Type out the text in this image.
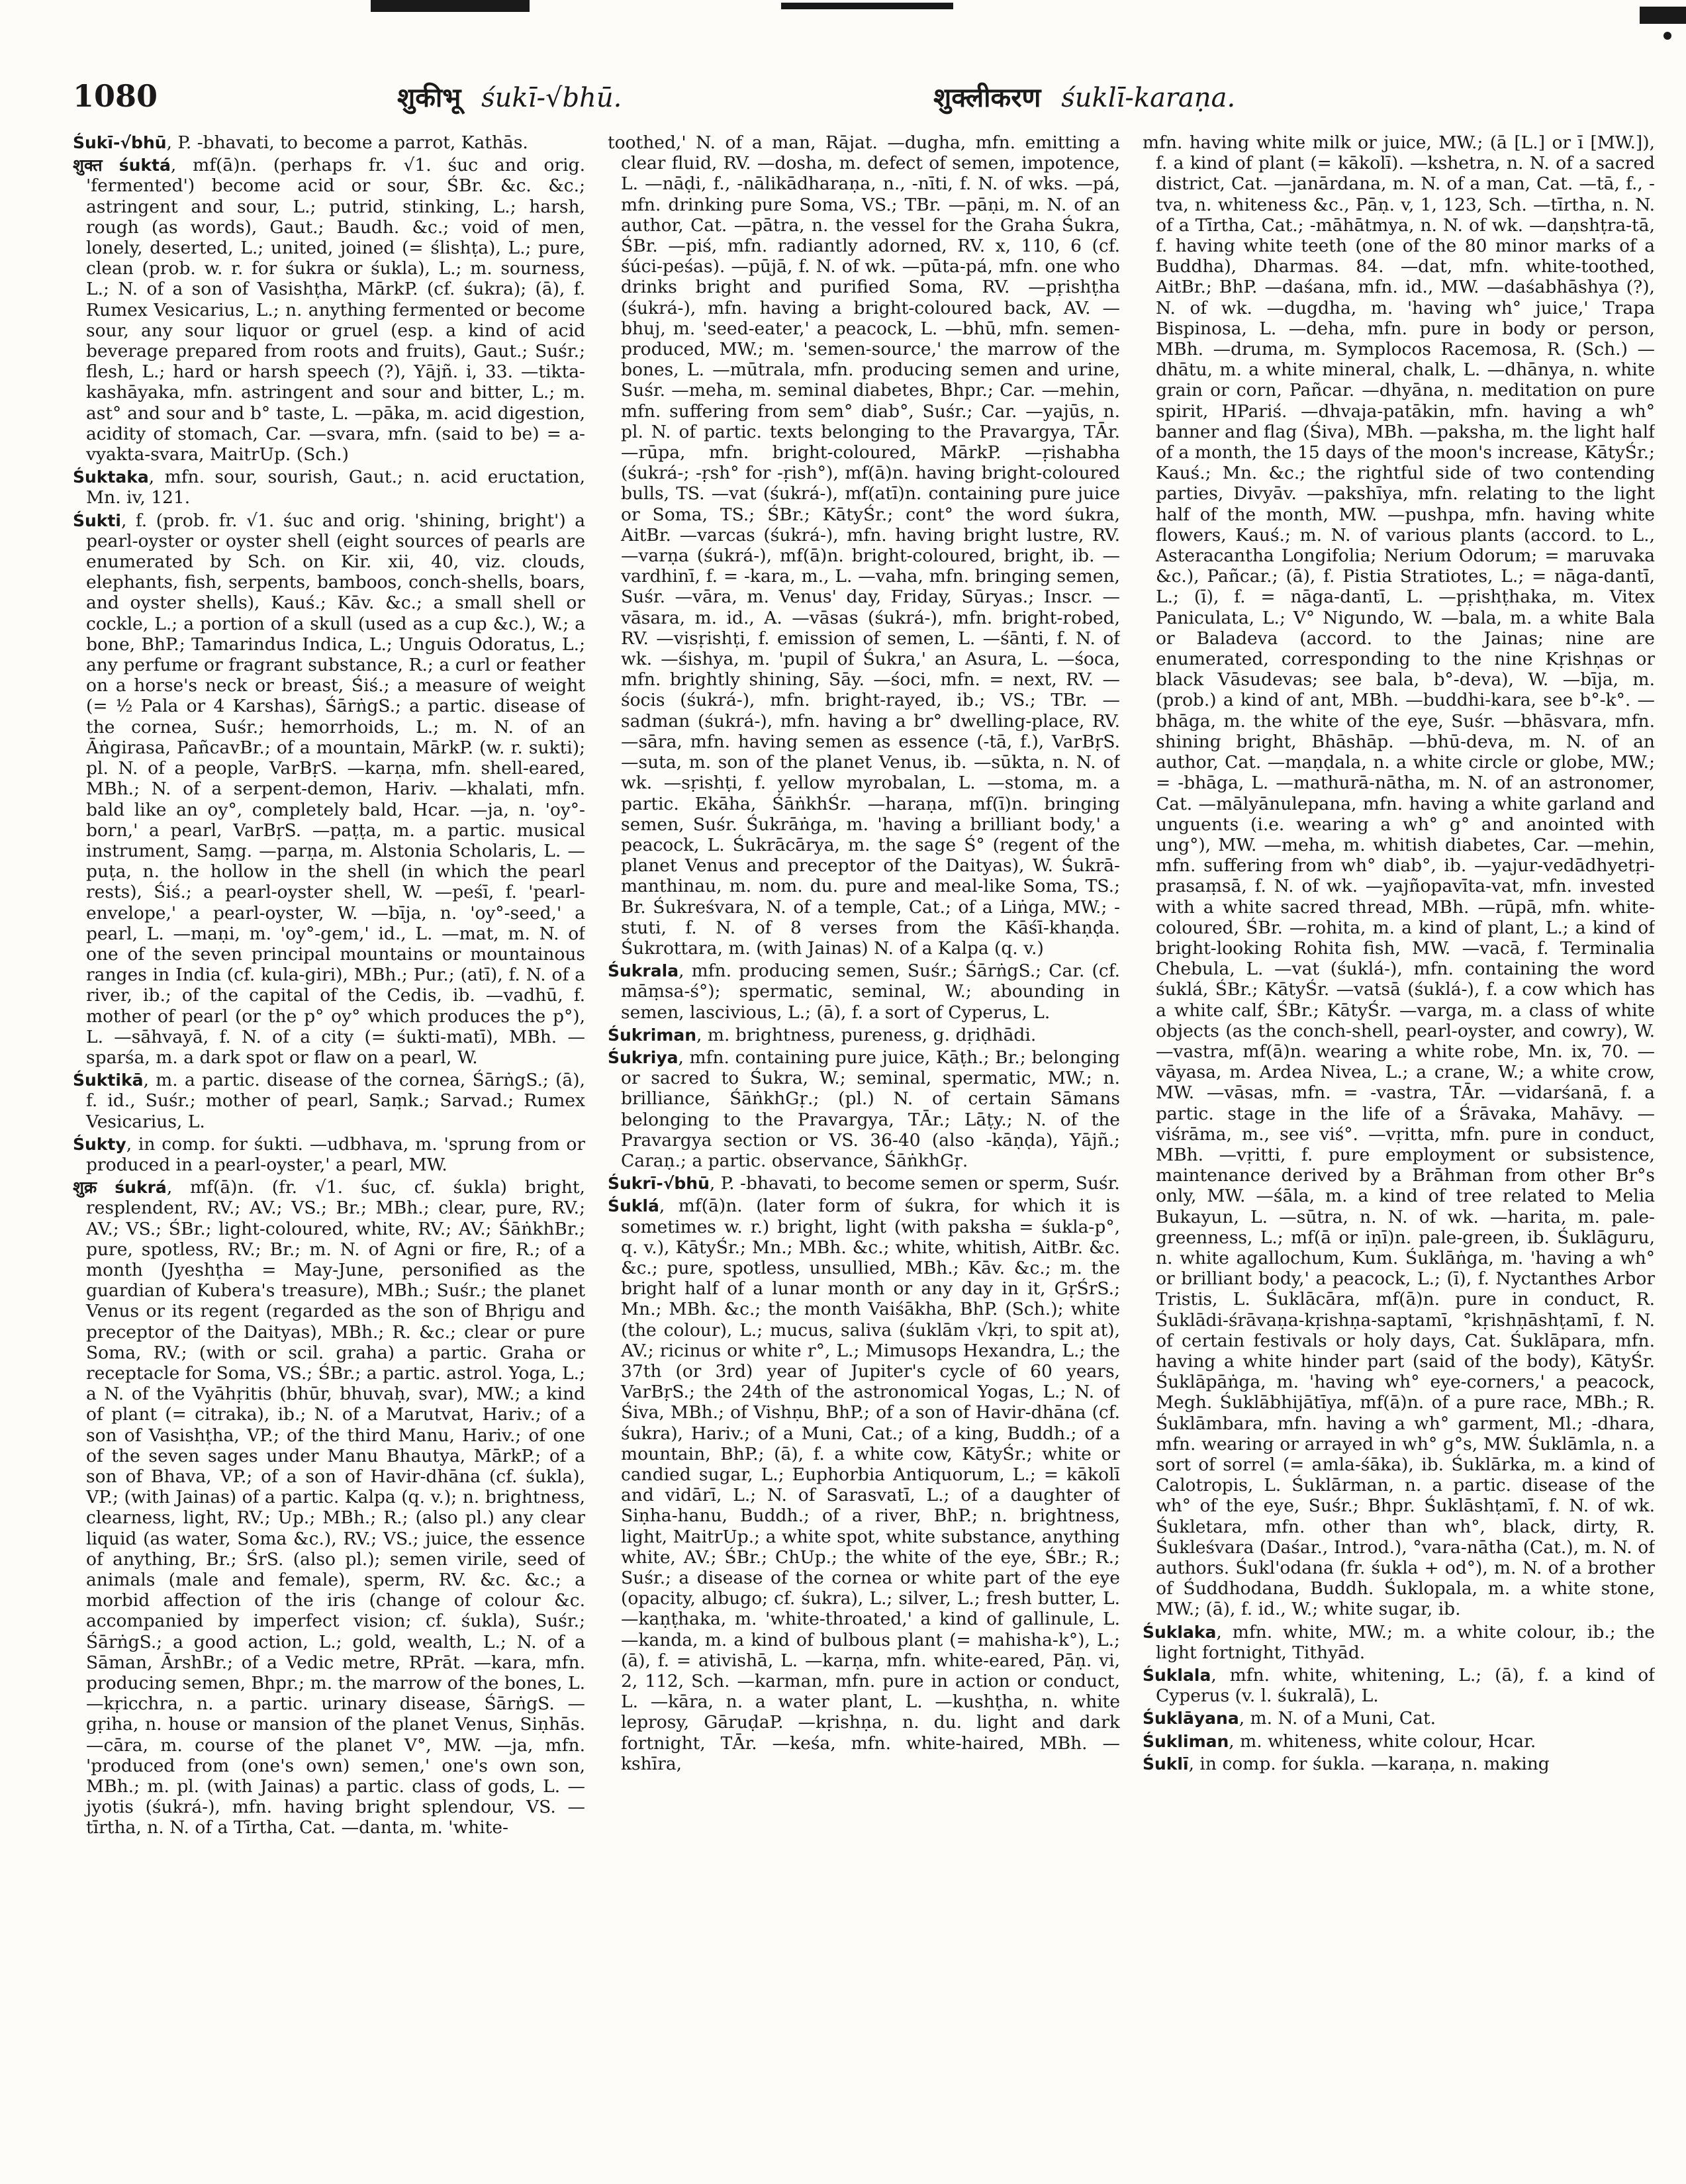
1080	शुकीभू śukī-√bhū.	शुक्लीकरण śuklī-karaṇa.

Śukī-√bhū, P. -bhavati, to become a parrot, Kathās.

शुक्त śuktá, mf(ā)n. (perhaps fr. √1. śuc and orig. 'fermented') become acid or sour, ŚBr. &c. &c.; astringent and sour, L.; putrid, stinking, L.; harsh, rough (as words), Gaut.; Baudh. &c.; void of men, lonely, deserted, L.; united, joined (= ślishṭa), L.; pure, clean (prob. w. r. for śukra or śukla), L.; m. sourness, L.; N. of a son of Vasishṭha, MārkP. (cf. śukra); (ā), f. Rumex Vesicarius, L.; n. anything fermented or become sour, any sour liquor or gruel (esp. a kind of acid beverage prepared from roots and fruits), Gaut.; Suśr.; flesh, L.; hard or harsh speech (?), Yājñ. i, 33. —tikta-kashāyaka, mfn. astringent and sour and bitter, L.; m. ast° and sour and b° taste, L. —pāka, m. acid digestion, acidity of stomach, Car. —svara, mfn. (said to be) = a-vyakta-svara, MaitrUp. (Sch.)

Śuktaka, mfn. sour, sourish, Gaut.; n. acid eructation, Mn. iv, 121.

Śukti, f. (prob. fr. √1. śuc and orig. 'shining, bright') a pearl-oyster or oyster shell (eight sources of pearls are enumerated by Sch. on Kir. xii, 40, viz. clouds, elephants, fish, serpents, bamboos, conch-shells, boars, and oyster shells), Kauś.; Kāv. &c.; a small shell or cockle, L.; a portion of a skull (used as a cup &c.), W.; a bone, BhP.; Tamarindus Indica, L.; Unguis Odoratus, L.; any perfume or fragrant substance, R.; a curl or feather on a horse's neck or breast, Śiś.; a measure of weight (= ½ Pala or 4 Karshas), ŚārṅgS.; a partic. disease of the cornea, Suśr.; hemorrhoids, L.; m. N. of an Āṅgirasa, PañcavBr.; of a mountain, MārkP. (w. r. sukti); pl. N. of a people, VarBṛS. —karṇa, mfn. shell-eared, MBh.; N. of a serpent-demon, Hariv. —khalati, mfn. bald like an oy°, completely bald, Hcar. —ja, n. 'oy°-born,' a pearl, VarBṛS. —paṭṭa, m. a partic. musical instrument, Saṃg. —parṇa, m. Alstonia Scholaris, L. —puṭa, n. the hollow in the shell (in which the pearl rests), Śiś.; a pearl-oyster shell, W. —peśī, f. 'pearl-envelope,' a pearl-oyster, W. —bīja, n. 'oy°-seed,' a pearl, L. —maṇi, m. 'oy°-gem,' id., L. —mat, m. N. of one of the seven principal mountains or mountainous ranges in India (cf. kula-giri), MBh.; Pur.; (atī), f. N. of a river, ib.; of the capital of the Cedis, ib. —vadhū, f. mother of pearl (or the p° oy° which produces the p°), L. —sāhvayā, f. N. of a city (= śukti-matī), MBh. —sparśa, m. a dark spot or flaw on a pearl, W.

Śuktikā, m. a partic. disease of the cornea, ŚārṅgS.; (ā), f. id., Suśr.; mother of pearl, Saṃk.; Sarvad.; Rumex Vesicarius, L.

Śukty, in comp. for śukti. —udbhava, m. 'sprung from or produced in a pearl-oyster,' a pearl, MW.

शुक्र śukrá, mf(ā)n. (fr. √1. śuc, cf. śukla) bright, resplendent, RV.; AV.; VS.; Br.; MBh.; clear, pure, RV.; AV.; VS.; ŚBr.; light-coloured, white, RV.; AV.; ŚāṅkhBr.; pure, spotless, RV.; Br.; m. N. of Agni or fire, R.; of a month (Jyeshṭha = May-June, personified as the guardian of Kubera's treasure), MBh.; Suśr.; the planet Venus or its regent (regarded as the son of Bhṛigu and preceptor of the Daityas), MBh.; R. &c.; clear or pure Soma, RV.; (with or scil. graha) a partic. Graha or receptacle for Soma, VS.; ŚBr.; a partic. astrol. Yoga, L.; a N. of the Vyāhṛitis (bhūr, bhuvaḥ, svar), MW.; a kind of plant (= citraka), ib.; N. of a Marutvat, Hariv.; of a son of Vasishṭha, VP.; of the third Manu, Hariv.; of one of the seven sages under Manu Bhautya, MārkP.; of a son of Bhava, VP.; of a son of Havir-dhāna (cf. śukla), VP.; (with Jainas) of a partic. Kalpa (q. v.); n. brightness, clearness, light, RV.; Up.; MBh.; R.; (also pl.) any clear liquid (as water, Soma &c.), RV.; VS.; juice, the essence of anything, Br.; ŚrS. (also pl.); semen virile, seed of animals (male and female), sperm, RV. &c. &c.; a morbid affection of the iris (change of colour &c. accompanied by imperfect vision; cf. śukla), Suśr.; ŚārṅgS.; a good action, L.; gold, wealth, L.; N. of a Sāman, ĀrshBr.; of a Vedic metre, RPrāt. —kara, mfn. producing semen, Bhpr.; m. the marrow of the bones, L. —kṛicchra, n. a partic. urinary disease, ŚārṅgS. —gṛiha, n. house or mansion of the planet Venus, Siṇhās. —cāra, m. course of the planet V°, MW. —ja, mfn. 'produced from (one's own) semen,' one's own son, MBh.; m. pl. (with Jainas) a partic. class of gods, L. —jyotis (śukrá-), mfn. having bright splendour, VS. —tīrtha, n. N. of a Tīrtha, Cat. —danta, m. 'white-

toothed,' N. of a man, Rājat. —dugha, mfn. emitting a clear fluid, RV. —dosha, m. defect of semen, impotence, L. —nāḍi, f., -nālikādharaṇa, n., -nīti, f. N. of wks. —pá, mfn. drinking pure Soma, VS.; TBr. —pāṇi, m. N. of an author, Cat. —pātra, n. the vessel for the Graha Śukra, ŚBr. —piś, mfn. radiantly adorned, RV. x, 110, 6 (cf. śúci-peśas). —pūjā, f. N. of wk. —pūta-pá, mfn. one who drinks bright and purified Soma, RV. —pṛishṭha (śukrá-), mfn. having a bright-coloured back, AV. —bhuj, m. 'seed-eater,' a peacock, L. —bhū, mfn. semen-produced, MW.; m. 'semen-source,' the marrow of the bones, L. —mūtrala, mfn. producing semen and urine, Suśr. —meha, m. seminal diabetes, Bhpr.; Car. —mehin, mfn. suffering from sem° diab°, Suśr.; Car. —yajūs, n. pl. N. of partic. texts belonging to the Pravargya, TĀr. —rūpa, mfn. bright-coloured, MārkP. —ṛishabha (śukrá-; -ṛsh° for -ṛish°), mf(ā)n. having bright-coloured bulls, TS. —vat (śukrá-), mf(atī)n. containing pure juice or Soma, TS.; ŚBr.; KātyŚr.; cont° the word śukra, AitBr. —varcas (śukrá-), mfn. having bright lustre, RV. —varṇa (śukrá-), mf(ā)n. bright-coloured, bright, ib. —vardhinī, f. = -kara, m., L. —vaha, mfn. bringing semen, Suśr. —vāra, m. Venus' day, Friday, Sūryas.; Inscr. —vāsara, m. id., A. —vāsas (śukrá-), mfn. bright-robed, RV. —visṛishṭi, f. emission of semen, L. —śānti, f. N. of wk. —śishya, m. 'pupil of Śukra,' an Asura, L. —śoca, mfn. brightly shining, Sāy. —śoci, mfn. = next, RV. —śocis (śukrá-), mfn. bright-rayed, ib.; VS.; TBr. —sadman (śukrá-), mfn. having a br° dwelling-place, RV. —sāra, mfn. having semen as essence (-tā, f.), VarBṛS. —suta, m. son of the planet Venus, ib. —sūkta, n. N. of wk. —sṛishṭi, f. yellow myrobalan, L. —stoma, m. a partic. Ekāha, ŚāṅkhŚr. —haraṇa, mf(ī)n. bringing semen, Suśr. Śukrāṅga, m. 'having a brilliant body,' a peacock, L. Śukrācārya, m. the sage Ś° (regent of the planet Venus and preceptor of the Daityas), W. Śukrā-manthinau, m. nom. du. pure and meal-like Soma, TS.; Br. Śukreśvara, N. of a temple, Cat.; of a Liṅga, MW.; -stuti, f. N. of 8 verses from the Kāśī-khaṇḍa. Śukrottara, m. (with Jainas) N. of a Kalpa (q. v.)

Śukrala, mfn. producing semen, Suśr.; ŚārṅgS.; Car. (cf. māṃsa-ś°); spermatic, seminal, W.; abounding in semen, lascivious, L.; (ā), f. a sort of Cyperus, L.

Śukriman, m. brightness, pureness, g. dṛiḍhādi.

Śukriya, mfn. containing pure juice, Kāṭh.; Br.; belonging or sacred to Śukra, W.; seminal, spermatic, MW.; n. brilliance, ŚāṅkhGṛ.; (pl.) N. of certain Sāmans belonging to the Pravargya, TĀr.; Lāṭy.; N. of the Pravargya section or VS. 36-40 (also -kāṇḍa), Yājñ.; Caraṇ.; a partic. observance, ŚāṅkhGṛ.

Śukrī-√bhū, P. -bhavati, to become semen or sperm, Suśr.

Śuklá, mf(ā)n. (later form of śukra, for which it is sometimes w. r.) bright, light (with paksha = śukla-p°, q. v.), KātyŚr.; Mn.; MBh. &c.; white, whitish, AitBr. &c. &c.; pure, spotless, unsullied, MBh.; Kāv. &c.; m. the bright half of a lunar month or any day in it, GṛŚrS.; Mn.; MBh. &c.; the month Vaiśākha, BhP. (Sch.); white (the colour), L.; mucus, saliva (śuklām √kṛi, to spit at), AV.; ricinus or white r°, L.; Mimusops Hexandra, L.; the 37th (or 3rd) year of Jupiter's cycle of 60 years, VarBṛS.; the 24th of the astronomical Yogas, L.; N. of Śiva, MBh.; of Vishṇu, BhP.; of a son of Havir-dhāna (cf. śukra), Hariv.; of a Muni, Cat.; of a king, Buddh.; of a mountain, BhP.; (ā), f. a white cow, KātyŚr.; white or candied sugar, L.; Euphorbia Antiquorum, L.; = kākolī and vidārī, L.; N. of Sarasvatī, L.; of a daughter of Siṇha-hanu, Buddh.; of a river, BhP.; n. brightness, light, MaitrUp.; a white spot, white substance, anything white, AV.; ŚBr.; ChUp.; the white of the eye, ŚBr.; R.; Suśr.; a disease of the cornea or white part of the eye (opacity, albugo; cf. śukra), L.; silver, L.; fresh butter, L. —kaṇṭhaka, m. 'white-throated,' a kind of gallinule, L. —kanda, m. a kind of bulbous plant (= mahisha-k°), L.; (ā), f. = ativishā, L. —karṇa, mfn. white-eared, Pāṇ. vi, 2, 112, Sch. —karman, mfn. pure in action or conduct, L. —kāra, n. a water plant, L. —kushṭha, n. white leprosy, GāruḍaP. —kṛishṇa, n. du. light and dark fortnight, TĀr. —keśa, mfn. white-haired, MBh. —kshīra,

mfn. having white milk or juice, MW.; (ā [L.] or ī [MW.]), f. a kind of plant (= kākolī). —kshetra, n. N. of a sacred district, Cat. —janārdana, m. N. of a man, Cat. —tā, f., -tva, n. whiteness &c., Pāṇ. v, 1, 123, Sch. —tīrtha, n. N. of a Tīrtha, Cat.; -māhātmya, n. N. of wk. —daṇshṭra-tā, f. having white teeth (one of the 80 minor marks of a Buddha), Dharmas. 84. —dat, mfn. white-toothed, AitBr.; BhP. —daśana, mfn. id., MW. —daśabhāshya (?), N. of wk. —dugdha, m. 'having wh° juice,' Trapa Bispinosa, L. —deha, mfn. pure in body or person, MBh. —druma, m. Symplocos Racemosa, R. (Sch.) —dhātu, m. a white mineral, chalk, L. —dhānya, n. white grain or corn, Pañcar. —dhyāna, n. meditation on pure spirit, HPariś. —dhvaja-patākin, mfn. having a wh° banner and flag (Śiva), MBh. —paksha, m. the light half of a month, the 15 days of the moon's increase, KātyŚr.; Kauś.; Mn. &c.; the rightful side of two contending parties, Divyāv. —pakshīya, mfn. relating to the light half of the month, MW. —pushpa, mfn. having white flowers, Kauś.; m. N. of various plants (accord. to L., Asteracantha Longifolia; Nerium Odorum; = maruvaka &c.), Pañcar.; (ā), f. Pistia Stratiotes, L.; = nāga-dantī, L.; (ī), f. = nāga-dantī, L. —pṛishṭhaka, m. Vitex Paniculata, L.; V° Nigundo, W. —bala, m. a white Bala or Baladeva (accord. to the Jainas; nine are enumerated, corresponding to the nine Kṛishṇas or black Vāsudevas; see bala, b°-deva), W. —bīja, m. (prob.) a kind of ant, MBh. —buddhi-kara, see b°-k°. —bhāga, m. the white of the eye, Suśr. —bhāsvara, mfn. shining bright, Bhāshāp. —bhū-deva, m. N. of an author, Cat. —maṇḍala, n. a white circle or globe, MW.; = -bhāga, L. —mathurā-nātha, m. N. of an astronomer, Cat. —mālyānulepana, mfn. having a white garland and unguents (i.e. wearing a wh° g° and anointed with ung°), MW. —meha, m. whitish diabetes, Car. —mehin, mfn. suffering from wh° diab°, ib. —yajur-vedādhyetṛi-prasaṃsā, f. N. of wk. —yajñopavīta-vat, mfn. invested with a white sacred thread, MBh. —rūpā, mfn. white-coloured, ŚBr. —rohita, m. a kind of plant, L.; a kind of bright-looking Rohita fish, MW. —vacā, f. Terminalia Chebula, L. —vat (śuklá-), mfn. containing the word śuklá, ŚBr.; KātyŚr. —vatsā (śuklá-), f. a cow which has a white calf, ŚBr.; KātyŚr. —varga, m. a class of white objects (as the conch-shell, pearl-oyster, and cowry), W. —vastra, mf(ā)n. wearing a white robe, Mn. ix, 70. —vāyasa, m. Ardea Nivea, L.; a crane, W.; a white crow, MW. —vāsas, mfn. = -vastra, TĀr. —vidarśanā, f. a partic. stage in the life of a Śrāvaka, Mahāvy. —viśrāma, m., see viś°. —vṛitta, mfn. pure in conduct, MBh. —vṛitti, f. pure employment or subsistence, maintenance derived by a Brāhman from other Br°s only, MW. —śāla, m. a kind of tree related to Melia Bukayun, L. —sūtra, n. N. of wk. —harita, m. pale-greenness, L.; mf(ā or iṇī)n. pale-green, ib. Śuklāguru, n. white agallochum, Kum. Śuklāṅga, m. 'having a wh° or brilliant body,' a peacock, L.; (ī), f. Nyctanthes Arbor Tristis, L. Śuklācāra, mf(ā)n. pure in conduct, R. Śuklādi-śrāvaṇa-kṛishṇa-saptamī, °kṛishṇāshṭamī, f. N. of certain festivals or holy days, Cat. Śuklāpara, mfn. having a white hinder part (said of the body), KātyŚr. Śuklāpāṅga, m. 'having wh° eye-corners,' a peacock, Megh. Śuklābhijātīya, mf(ā)n. of a pure race, MBh.; R. Śuklāmbara, mfn. having a wh° garment, Ml.; -dhara, mfn. wearing or arrayed in wh° g°s, MW. Śuklāmla, n. a sort of sorrel (= amla-śāka), ib. Śuklārka, m. a kind of Calotropis, L. Śuklārman, n. a partic. disease of the wh° of the eye, Suśr.; Bhpr. Śuklāshṭamī, f. N. of wk. Śukletara, mfn. other than wh°, black, dirty, R. Śukleśvara (Daśar., Introd.), °vara-nātha (Cat.), m. N. of authors. Śukl'odana (fr. śukla + od°), m. N. of a brother of Śuddhodana, Buddh. Śuklopala, m. a white stone, MW.; (ā), f. id., W.; white sugar, ib.

Śuklaka, mfn. white, MW.; m. a white colour, ib.; the light fortnight, Tithyād.

Śuklala, mfn. white, whitening, L.; (ā), f. a kind of Cyperus (v. l. śukralā), L.

Śuklāyana, m. N. of a Muni, Cat.

Śukliman, m. whiteness, white colour, Hcar.

Śuklī, in comp. for śukla. —karaṇa, n. making
